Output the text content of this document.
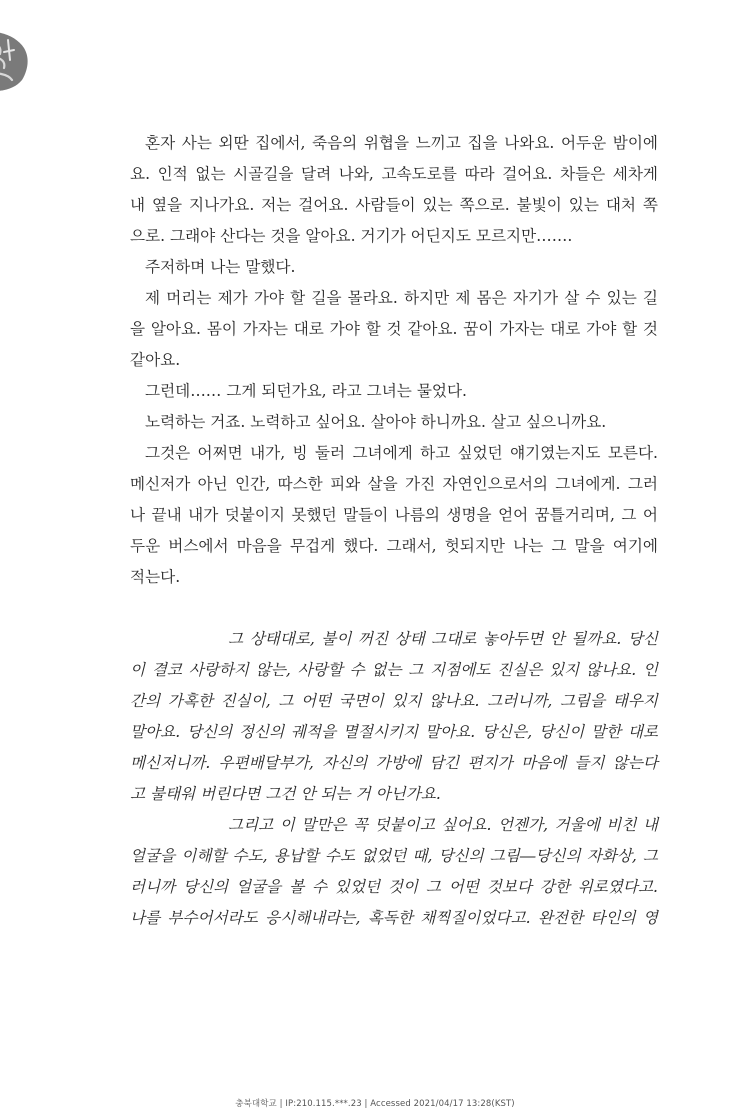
혼자 사는 외딴 집에서, 죽음의 위협을 느끼고 집을 나와요. 어두운 밤이에
요. 인적 없는 시골길을 달려 나와, 고속도로를 따라 걸어요. 차들은 세차게
내 옆을 지나가요. 저는 걸어요. 사람들이 있는 쪽으로. 불빛이 있는 대처 쪽
으로. 그래야 산다는 것을 알아요. 거기가 어딘지도 모르지만…….
주저하며 나는 말했다.
제 머리는 제가 가야 할 길을 몰라요. 하지만 제 몸은 자기가 살 수 있는 길
을 알아요. 몸이 가자는 대로 가야 할 것 같아요. 꿈이 가자는 대로 가야 할 것
같아요.
그런데…… 그게 되던가요, 라고 그녀는 물었다.
노력하는 거죠. 노력하고 싶어요. 살아야 하니까요. 살고 싶으니까요.
그것은 어쩌면 내가, 빙 둘러 그녀에게 하고 싶었던 얘기였는지도 모른다.
메신저가 아닌 인간, 따스한 피와 살을 가진 자연인으로서의 그녀에게. 그러
나 끝내 내가 덧붙이지 못했던 말들이 나름의 생명을 얻어 꿈틀거리며, 그 어
두운 버스에서 마음을 무겁게 했다. 그래서, 헛되지만 나는 그 말을 여기에
적는다.
그 상태대로, 불이 꺼진 상태 그대로 놓아두면 안 될까요. 당신
이 결코 사랑하지 않는, 사랑할 수 없는 그 지점에도 진실은 있지 않나요. 인
간의 가혹한 진실이, 그 어떤 국면이 있지 않나요. 그러니까, 그림을 태우지
말아요. 당신의 정신의 궤적을 멸절시키지 말아요. 당신은, 당신이 말한 대로
메신저니까. 우편배달부가, 자신의 가방에 담긴 편지가 마음에 들지 않는다
고 불태워 버린다면 그건 안 되는 거 아닌가요.
그리고 이 말만은 꼭 덧붙이고 싶어요. 언젠가, 거울에 비친 내
얼굴을 이해할 수도, 용납할 수도 없었던 때, 당신의 그림―당신의 자화상, 그
러니까 당신의 얼굴을 볼 수 있었던 것이 그 어떤 것보다 강한 위로였다고.
나를 부수어서라도 응시해내라는, 혹독한 채찍질이었다고. 완전한 타인의 영
충북대학교 | IP:210.115.***.23 | Accessed 2021/04/17 13:28(KST)
